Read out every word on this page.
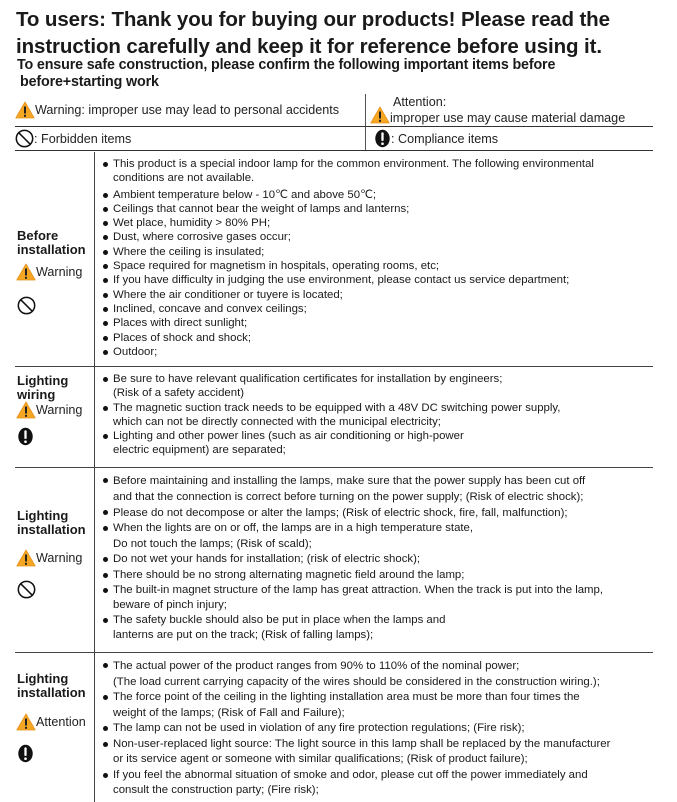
To users: Thank you for buying our products! Please read the instruction carefully and keep it for reference before using it.
To ensure safe construction, please confirm the following important items before
before+starting work
Warning: improper use may lead to personal accidents
Attention:
improper use may cause material damage
: Forbidden items	: Compliance items
Before
installation
Warning
This product is a special indoor lamp for the common environment. The following environmental
conditions are not available.
Ambient temperature below - 10℃ and above 50℃;
Ceilings that cannot bear the weight of lamps and lanterns;
Wet place, humidity > 80% PH;
Dust, where corrosive gases occur;
Where the ceiling is insulated;
Space required for magnetism in hospitals, operating rooms, etc;
If you have difficulty in judging the use environment, please contact us service department;
Where the air conditioner or tuyere is located;
Inclined, concave and convex ceilings;
Places with direct sunlight;
Places of shock and shock;
Outdoor;
Lighting
wiring
Warning
Be sure to have relevant qualification certificates for installation by engineers;
(Risk of a safety accident)
The magnetic suction track needs to be equipped with a 48V DC switching power supply,
which can not be directly connected with the municipal electricity;
Lighting and other power lines (such as air conditioning or high-power
electric equipment) are separated;
Lighting
installation
Warning
Before maintaining and installing the lamps, make sure that the power supply has been cut off
and that the connection is correct before turning on the power supply; (Risk of electric shock);
Please do not decompose or alter the lamps; (Risk of electric shock, fire, fall, malfunction);
When the lights are on or off, the lamps are in a high temperature state,
Do not touch the lamps; (Risk of scald);
Do not wet your hands for installation; (risk of electric shock);
There should be no strong alternating magnetic field around the lamp;
The built-in magnet structure of the lamp has great attraction. When the track is put into the lamp,
beware of pinch injury;
The safety buckle should also be put in place when the lamps and
lanterns are put on the track; (Risk of falling lamps);
Lighting
installation
Attention
The actual power of the product ranges from 90% to 110% of the nominal power;
(The load current carrying capacity of the wires should be considered in the construction wiring.);
The force point of the ceiling in the lighting installation area must be more than four times the
weight of the lamps; (Risk of Fall and Failure);
The lamp can not be used in violation of any fire protection regulations; (Fire risk);
Non-user-replaced light source: The light source in this lamp shall be replaced by the manufacturer
or its service agent or someone with similar qualifications; (Risk of product failure);
If you feel the abnormal situation of smoke and odor, please cut off the power immediately and
consult the construction party; (Fire risk);
